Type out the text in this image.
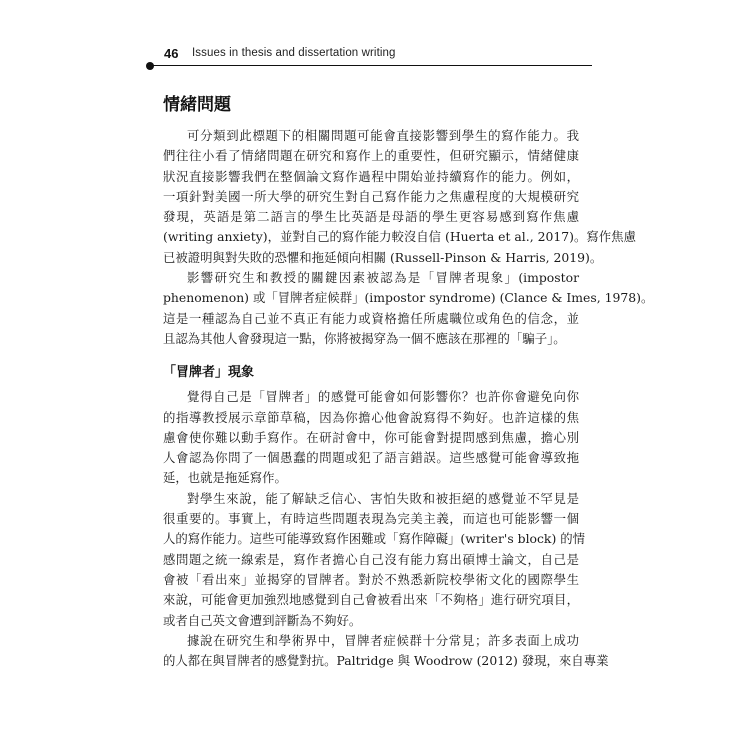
46 Issues in thesis and dissertation writing
情緒問題
可分類到此標題下的相關問題可能會直接影響到學生的寫作能力。我
們往往小看了情緒問題在研究和寫作上的重要性，但研究顯示，情緒健康
狀況直接影響我們在整個論文寫作過程中開始並持續寫作的能力。例如，
一項針對美國一所大學的研究生對自己寫作能力之焦慮程度的大規模研究
發現，英語是第二語言的學生比英語是母語的學生更容易感到寫作焦慮
(writing anxiety)，並對自己的寫作能力較沒自信 (Huerta et al., 2017)。寫作焦慮
已被證明與對失敗的恐懼和拖延傾向相關 (Russell-Pinson & Harris, 2019)。
影響研究生和教授的關鍵因素被認為是「冒牌者現象」(impostor
phenomenon) 或「冒牌者症候群」(impostor syndrome) (Clance & Imes, 1978)。
這是一種認為自己並不真正有能力或資格擔任所處職位或角色的信念，並
且認為其他人會發現這一點，你將被揭穿為一個不應該在那裡的「騙子」。
「冒牌者」現象
覺得自己是「冒牌者」的感覺可能會如何影響你？也許你會避免向你
的指導教授展示章節草稿，因為你擔心他會說寫得不夠好。也許這樣的焦
慮會使你難以動手寫作。在研討會中，你可能會對提問感到焦慮，擔心別
人會認為你問了一個愚蠢的問題或犯了語言錯誤。這些感覺可能會導致拖
延，也就是拖延寫作。
對學生來說，能了解缺乏信心、害怕失敗和被拒絕的感覺並不罕見是
很重要的。事實上，有時這些問題表現為完美主義，而這也可能影響一個
人的寫作能力。這些可能導致寫作困難或「寫作障礙」(writer's block) 的情
感問題之統一線索是，寫作者擔心自己沒有能力寫出碩博士論文，自己是
會被「看出來」並揭穿的冒牌者。對於不熟悉新院校學術文化的國際學生
來說，可能會更加強烈地感覺到自己會被看出來「不夠格」進行研究項目，
或者自己英文會遭到評斷為不夠好。
據說在研究生和學術界中，冒牌者症候群十分常見；許多表面上成功
的人都在與冒牌者的感覺對抗。Paltridge 與 Woodrow (2012) 發現，來自專業
